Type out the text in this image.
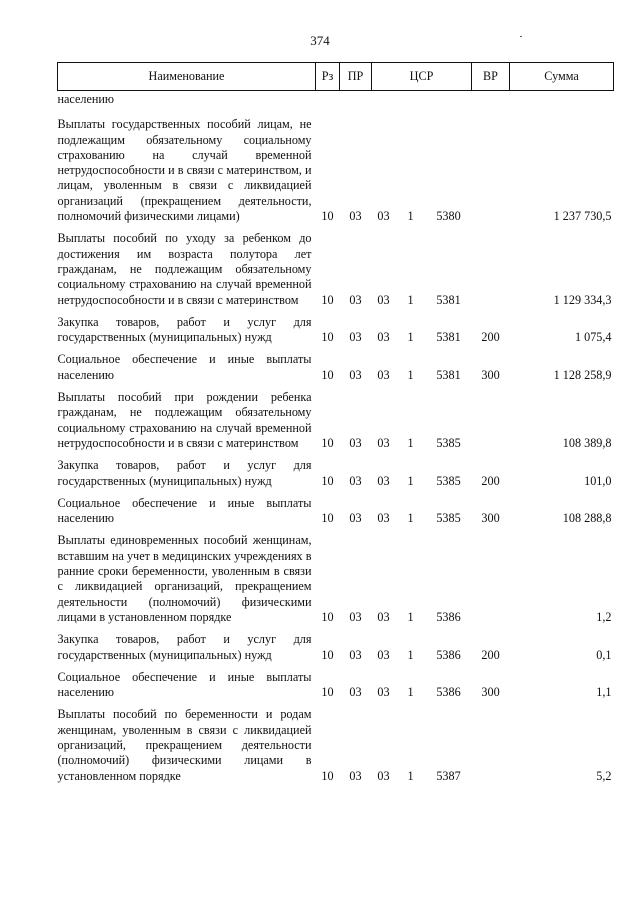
374
Наименование	Рз	ПР	ЦСР			ВР	Сумма
населению							
Выплаты государственных пособий лицам, не подлежащим обязательному социальному страхованию на случай временной нетрудоспособности и в связи с материнством, и лицам, уволенным в связи с ликвидацией организаций (прекращением деятельности, полномочий физическими лицами)	10	03	03	1	5380		1 237 730,5
Выплаты пособий по уходу за ребенком до достижения им возраста полутора лет гражданам, не подлежащим обязательному социальному страхованию на случай временной нетрудоспособности и в связи с материнством	10	03	03	1	5381		1 129 334,3
Закупка товаров, работ и услуг для государственных (муниципальных) нужд	10	03	03	1	5381	200	1 075,4
Социальное обеспечение и иные выплаты населению	10	03	03	1	5381	300	1 128 258,9
Выплаты пособий при рождении ребенка гражданам, не подлежащим обязательному социальному страхованию на случай временной нетрудоспособности и в связи с материнством	10	03	03	1	5385		108 389,8
Закупка товаров, работ и услуг для государственных (муниципальных) нужд	10	03	03	1	5385	200	101,0
Социальное обеспечение и иные выплаты населению	10	03	03	1	5385	300	108 288,8
Выплаты единовременных пособий женщинам, вставшим на учет в медицинских учреждениях в ранние сроки беременности, уволенным в связи с ликвидацией организаций, прекращением деятельности (полномочий) физическими лицами в установленном порядке	10	03	03	1	5386		1,2
Закупка товаров, работ и услуг для государственных (муниципальных) нужд	10	03	03	1	5386	200	0,1
Социальное обеспечение и иные выплаты населению	10	03	03	1	5386	300	1,1
Выплаты пособий по беременности и родам женщинам, уволенным в связи с ликвидацией организаций, прекращением деятельности (полномочий) физическими лицами в установленном порядке	10	03	03	1	5387		5,2
